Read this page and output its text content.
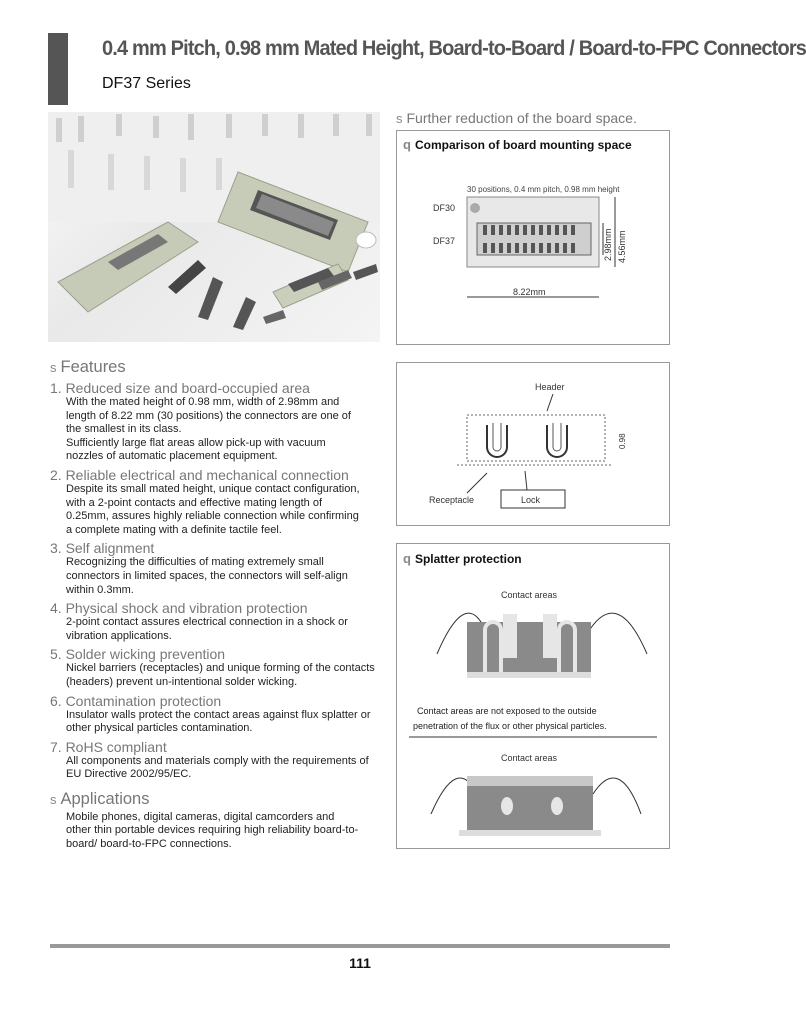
0.4 mm Pitch, 0.98 mm Mated Height, Board-to-Board / Board-to-FPC Connectors
DF37 Series
s Features
1. Reduced size and board-occupied area
With the mated height of 0.98 mm, width of 2.98mm and
length of 8.22 mm (30 positions) the connectors are one of
the smallest in its class.
Sufficiently large flat areas allow pick-up with vacuum
nozzles of automatic placement equipment.
2. Reliable electrical and mechanical connection
Despite its small mated height, unique contact configuration,
with a 2-point contacts and effective mating length of
0.25mm, assures highly reliable connection while confirming
a complete mating with a definite tactile feel.
3. Self alignment
Recognizing the difficulties of mating extremely small
connectors in limited spaces, the connectors will self-align
within 0.3mm.
4. Physical shock and vibration protection
2-point contact assures electrical connection in a shock or
vibration applications.
5. Solder wicking prevention
Nickel barriers (receptacles) and unique forming of the contacts
(headers) prevent un-intentional solder wicking.
6. Contamination protection
Insulator walls protect the contact areas against flux splatter or
other physical particles contamination.
7. RoHS compliant
All components and materials comply with the requirements of
EU Directive 2002/95/EC.
s Applications
Mobile phones, digital cameras, digital camcorders and
other thin portable devices requiring high reliability board-to-
board/ board-to-FPC connections.
s Further reduction of the board space.
q Comparison of board mounting space
30 positions, 0.4 mm pitch, 0.98 mm height
DF30
DF37	2.98mm 4.56mm
8.22mm
Header
0.98
Receptacle	Lock
q Splatter protection
Contact areas
Contact areas are not exposed to the outside
penetration of the flux or other physical particles.
Contact areas
111
